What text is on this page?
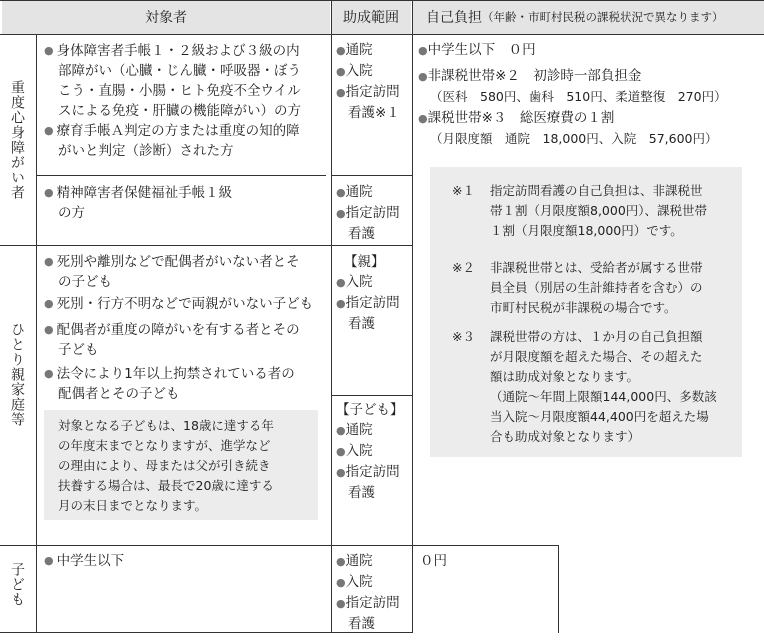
対象者	助成範囲 自己負担 （年齢・市町村民税の課税状況で異なります）
重度心身障がい者
ひとり親家庭等
子ども
● 身体障害者手帳１・２級および３級の内
部障がい（心臓・じん臓・呼吸器・ぼう
こう・直腸・小腸・ヒト免疫不全ウイル
スによる免疫・肝臓の機能障がい）の方
● 療育手帳Ａ判定の方または重度の知的障
がいと判定（診断）された方
● 精神障害者保健福祉手帳１級
の方
●通院
●入院
●指定訪問
看護※１
●通院
●指定訪問
看護
●中学生以下　０円
●非課税世帯※２　初診時一部負担金
（医科　580円、歯科　510円、柔道整復　270円）
●課税世帯※３　総医療費の１割
（月限度額　通院　18,000円、入院　57,600円）
※１ 指定訪問看護の自己負担は、非課税世
帯１割（月限度額8,000円）、課税世帯
１割（月限度額18,000円）です。
※２ 非課税世帯とは、受給者が属する世帯
員全員（別居の生計維持者を含む）の
市町村民税が非課税の場合です。
※３ 課税世帯の方は、１か月の自己負担額
が月限度額を超えた場合、その超えた
額は助成対象となります。
（通院～年間上限額144,000円、多数該
当入院～月限度額44,400円を超えた場
合も助成対象となります）
● 死別や離別などで配偶者がいない者とそ
の子ども
● 死別・行方不明などで両親がいない子ども
● 配偶者が重度の障がいを有する者とその
子ども
● 法令により1年以上拘禁されている者の
配偶者とその子ども
対象となる子どもは、18歳に達する年
の年度末までとなりますが、進学など
の理由により、母または父が引き続き
扶養する場合は、最長で20歳に達する
月の末日までとなります。
【親】
●入院
●指定訪問
看護
【子ども】
●通院
●入院
●指定訪問
看護
● 中学生以下	●通院
●入院
●指定訪問
看護
０円
